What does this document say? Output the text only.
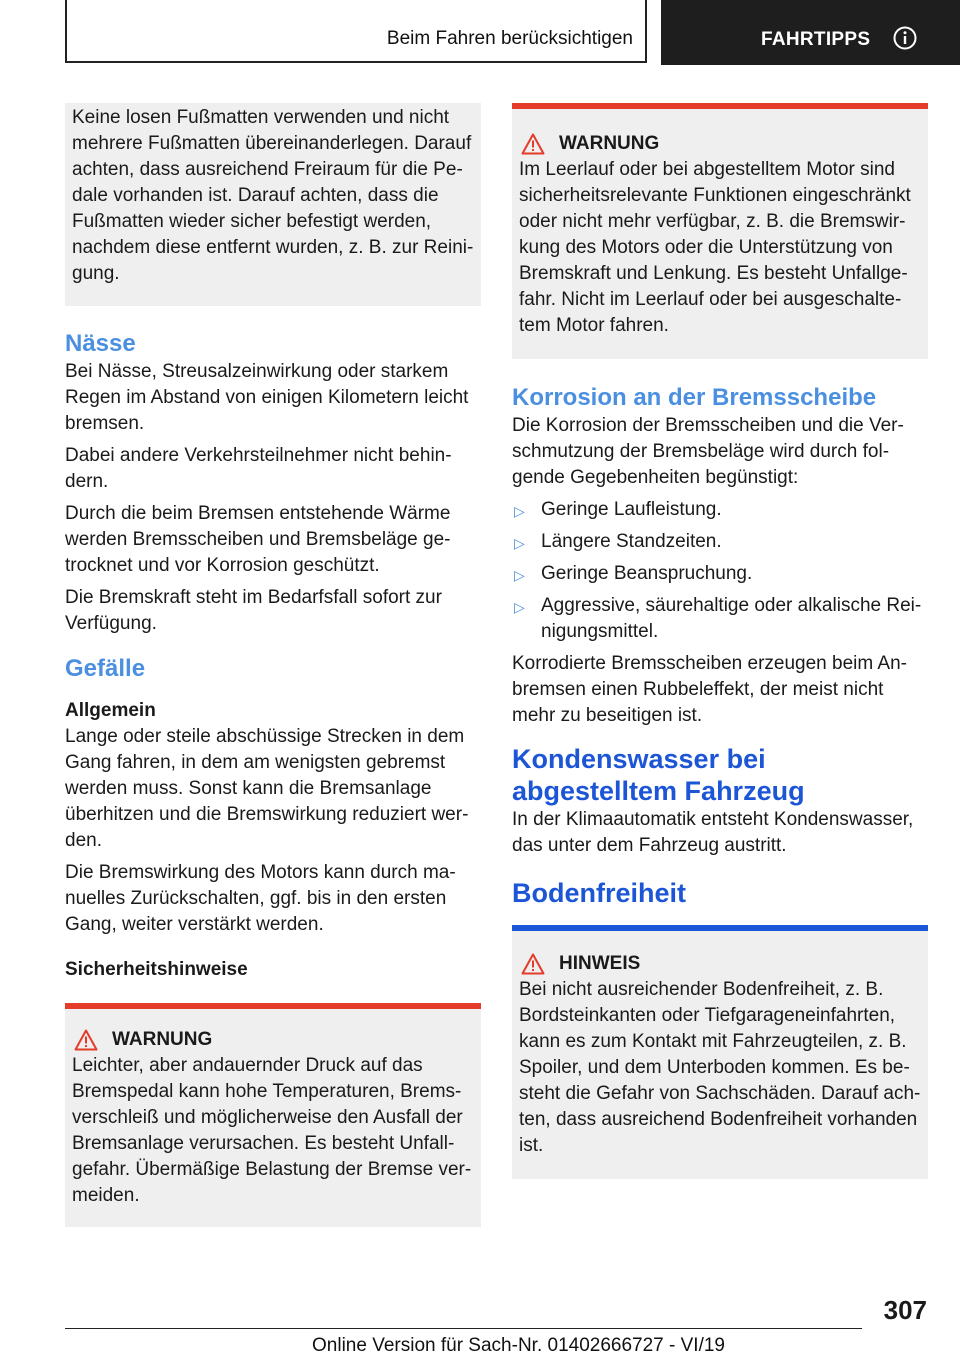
Beim Fahren berücksichtigen	FAHRTIPPS

Keine losen Fußmatten verwenden und nicht mehrere Fußmatten übereinanderlegen. Darauf achten, dass ausreichend Freiraum für die Pedale vorhanden ist. Darauf achten, dass die Fußmatten wieder sicher befestigt werden, nachdem diese entfernt wurden, z. B. zur Reinigung.

Nässe

Bei Nässe, Streusalzeinwirkung oder starkem Regen im Abstand von einigen Kilometern leicht bremsen.

Dabei andere Verkehrsteilnehmer nicht behindern.

Durch die beim Bremsen entstehende Wärme werden Bremsscheiben und Bremsbeläge getrocknet und vor Korrosion geschützt.

Die Bremskraft steht im Bedarfsfall sofort zur Verfügung.

Gefälle
Allgemein

Lange oder steile abschüssige Strecken in dem Gang fahren, in dem am wenigsten gebremst werden muss. Sonst kann die Bremsanlage überhitzen und die Bremswirkung reduziert werden.

Die Bremswirkung des Motors kann durch manuelles Zurückschalten, ggf. bis in den ersten Gang, weiter verstärkt werden.

Sicherheitshinweise
WARNUNG

Leichter, aber andauernder Druck auf das Bremspedal kann hohe Temperaturen, Bremsverschleiß und möglicherweise den Ausfall der Bremsanlage verursachen. Es besteht Unfallgefahr. Übermäßige Belastung der Bremse vermeiden.

WARNUNG

Im Leerlauf oder bei abgestelltem Motor sind sicherheitsrelevante Funktionen eingeschränkt oder nicht mehr verfügbar, z. B. die Bremswirkung des Motors oder die Unterstützung von Bremskraft und Lenkung. Es besteht Unfallgefahr. Nicht im Leerlauf oder bei ausgeschaltetem Motor fahren.

Korrosion an der Bremsscheibe

Die Korrosion der Bremsscheiben und die Verschmutzung der Bremsbeläge wird durch folgende Gegebenheiten begünstigt:

▷ Geringe Laufleistung.
▷ Längere Standzeiten.
▷ Geringe Beanspruchung.
▷ Aggressive, säurehaltige oder alkalische Reinigungsmittel.

Korrodierte Bremsscheiben erzeugen beim Anbremsen einen Rubbeleffekt, der meist nicht mehr zu beseitigen ist.

Kondenswasser bei abgestelltem Fahrzeug

In der Klimaautomatik entsteht Kondenswasser, das unter dem Fahrzeug austritt.

Bodenfreiheit
HINWEIS

Bei nicht ausreichender Bodenfreiheit, z. B. Bordsteinkanten oder Tiefgarageneinfahrten, kann es zum Kontakt mit Fahrzeugteilen, z. B. Spoiler, und dem Unterboden kommen. Es besteht die Gefahr von Sachschäden. Darauf achten, dass ausreichend Bodenfreiheit vorhanden ist.

307
Online Version für Sach-Nr. 01402666727 - VI/19
